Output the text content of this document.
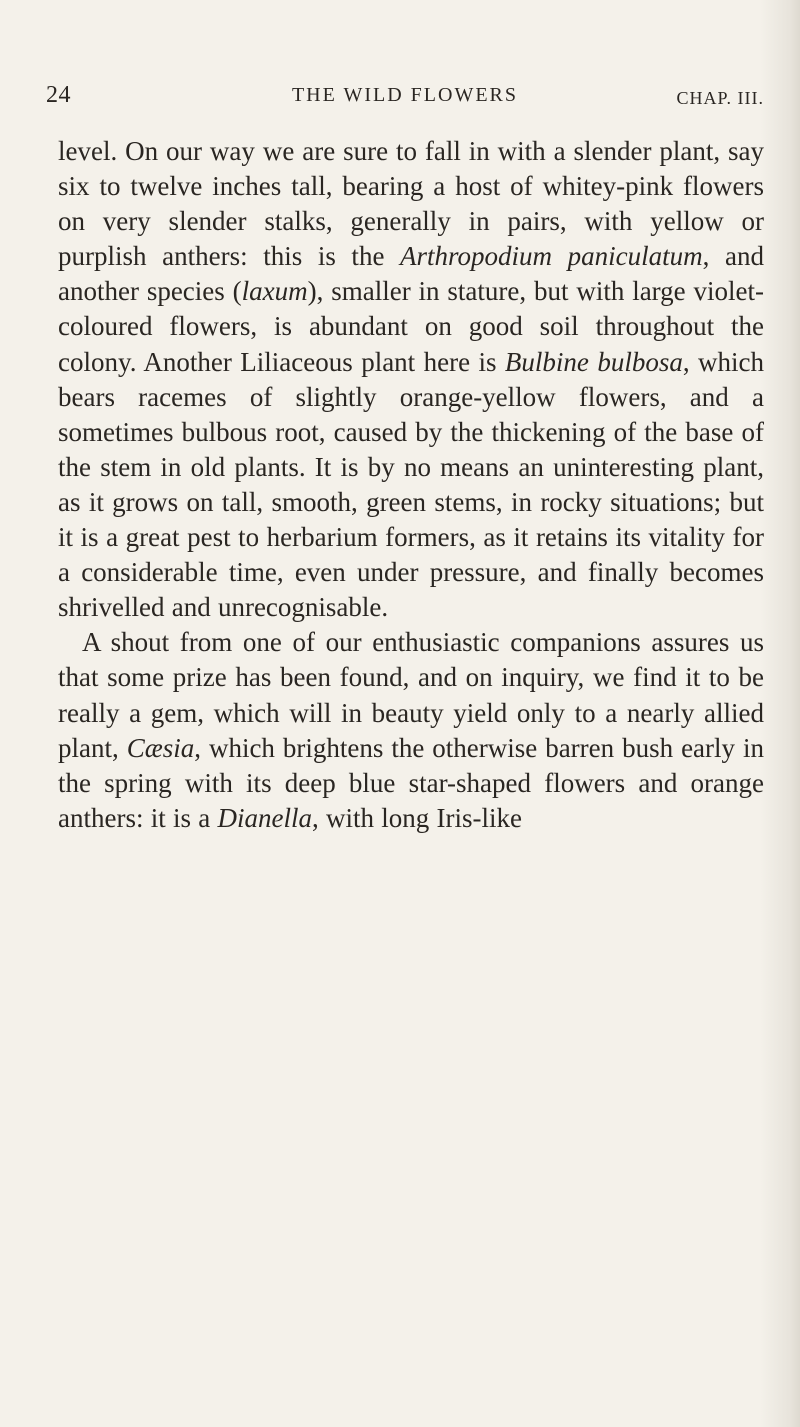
24	THE WILD FLOWERS	CHAP. III.

level. On our way we are sure to fall in with a slender plant, say six to twelve inches tall, bearing a host of whitey-pink flowers on very slender stalks, generally in pairs, with yellow or purplish anthers: this is the Arthropodium paniculatum, and another species (laxum), smaller in stature, but with large violet-coloured flowers, is abundant on good soil throughout the colony. Another Liliaceous plant here is Bulbine bulbosa, which bears racemes of slightly orange-yellow flowers, and a sometimes bulbous root, caused by the thickening of the base of the stem in old plants. It is by no means an uninteresting plant, as it grows on tall, smooth, green stems, in rocky situations; but it is a great pest to herbarium formers, as it retains its vitality for a considerable time, even under pressure, and finally becomes shrivelled and unrecognisable.

A shout from one of our enthusiastic companions assures us that some prize has been found, and on inquiry, we find it to be really a gem, which will in beauty yield only to a nearly allied plant, Cæsia, which brightens the otherwise barren bush early in the spring with its deep blue star-shaped flowers and orange anthers: it is a Dianella, with long Iris-like
